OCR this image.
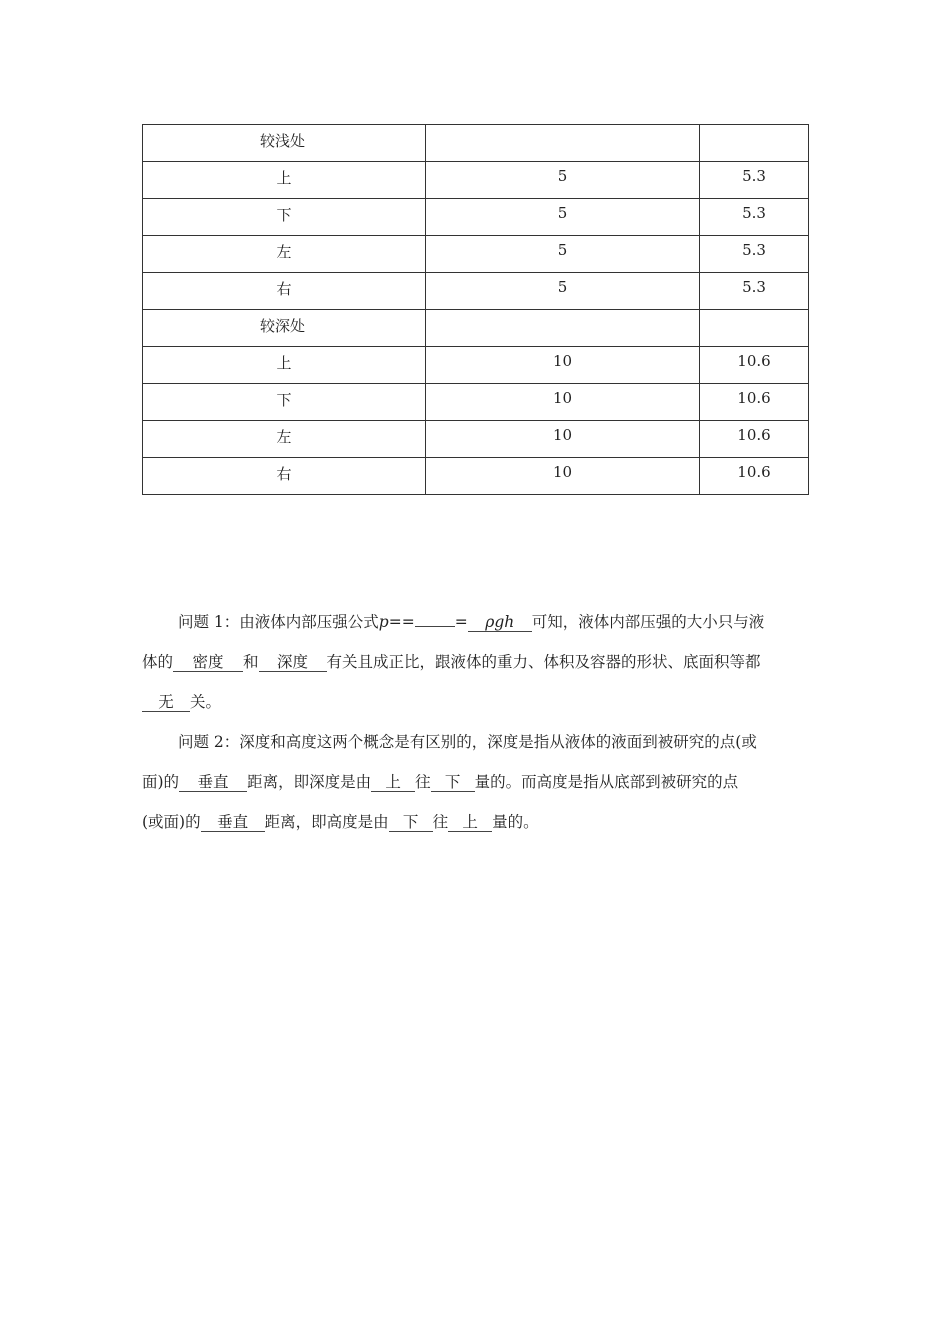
较浅处		
上	5	5.3
下	5	5.3
左	5	5.3
右	5	5.3
较深处		
上	10	10.6
下	10	10.6
左	10	10.6
右	10	10.6
问题 1：由液体内部压强公式p==	= ρgh 可知，液体内部压强的大小只与液
体的 密度 和 深度 有关且成正比，跟液体的重力、体积及容器的形状、底面积等都
无 关。
问题 2：深度和高度这两个概念是有区别的，深度是指从液体的液面到被研究的点(或
面)的 垂直 距离，即深度是由 上 往 下 量的。而高度是指从底部到被研究的点
(或面)的 垂直 距离，即高度是由 下 往 上 量的。
